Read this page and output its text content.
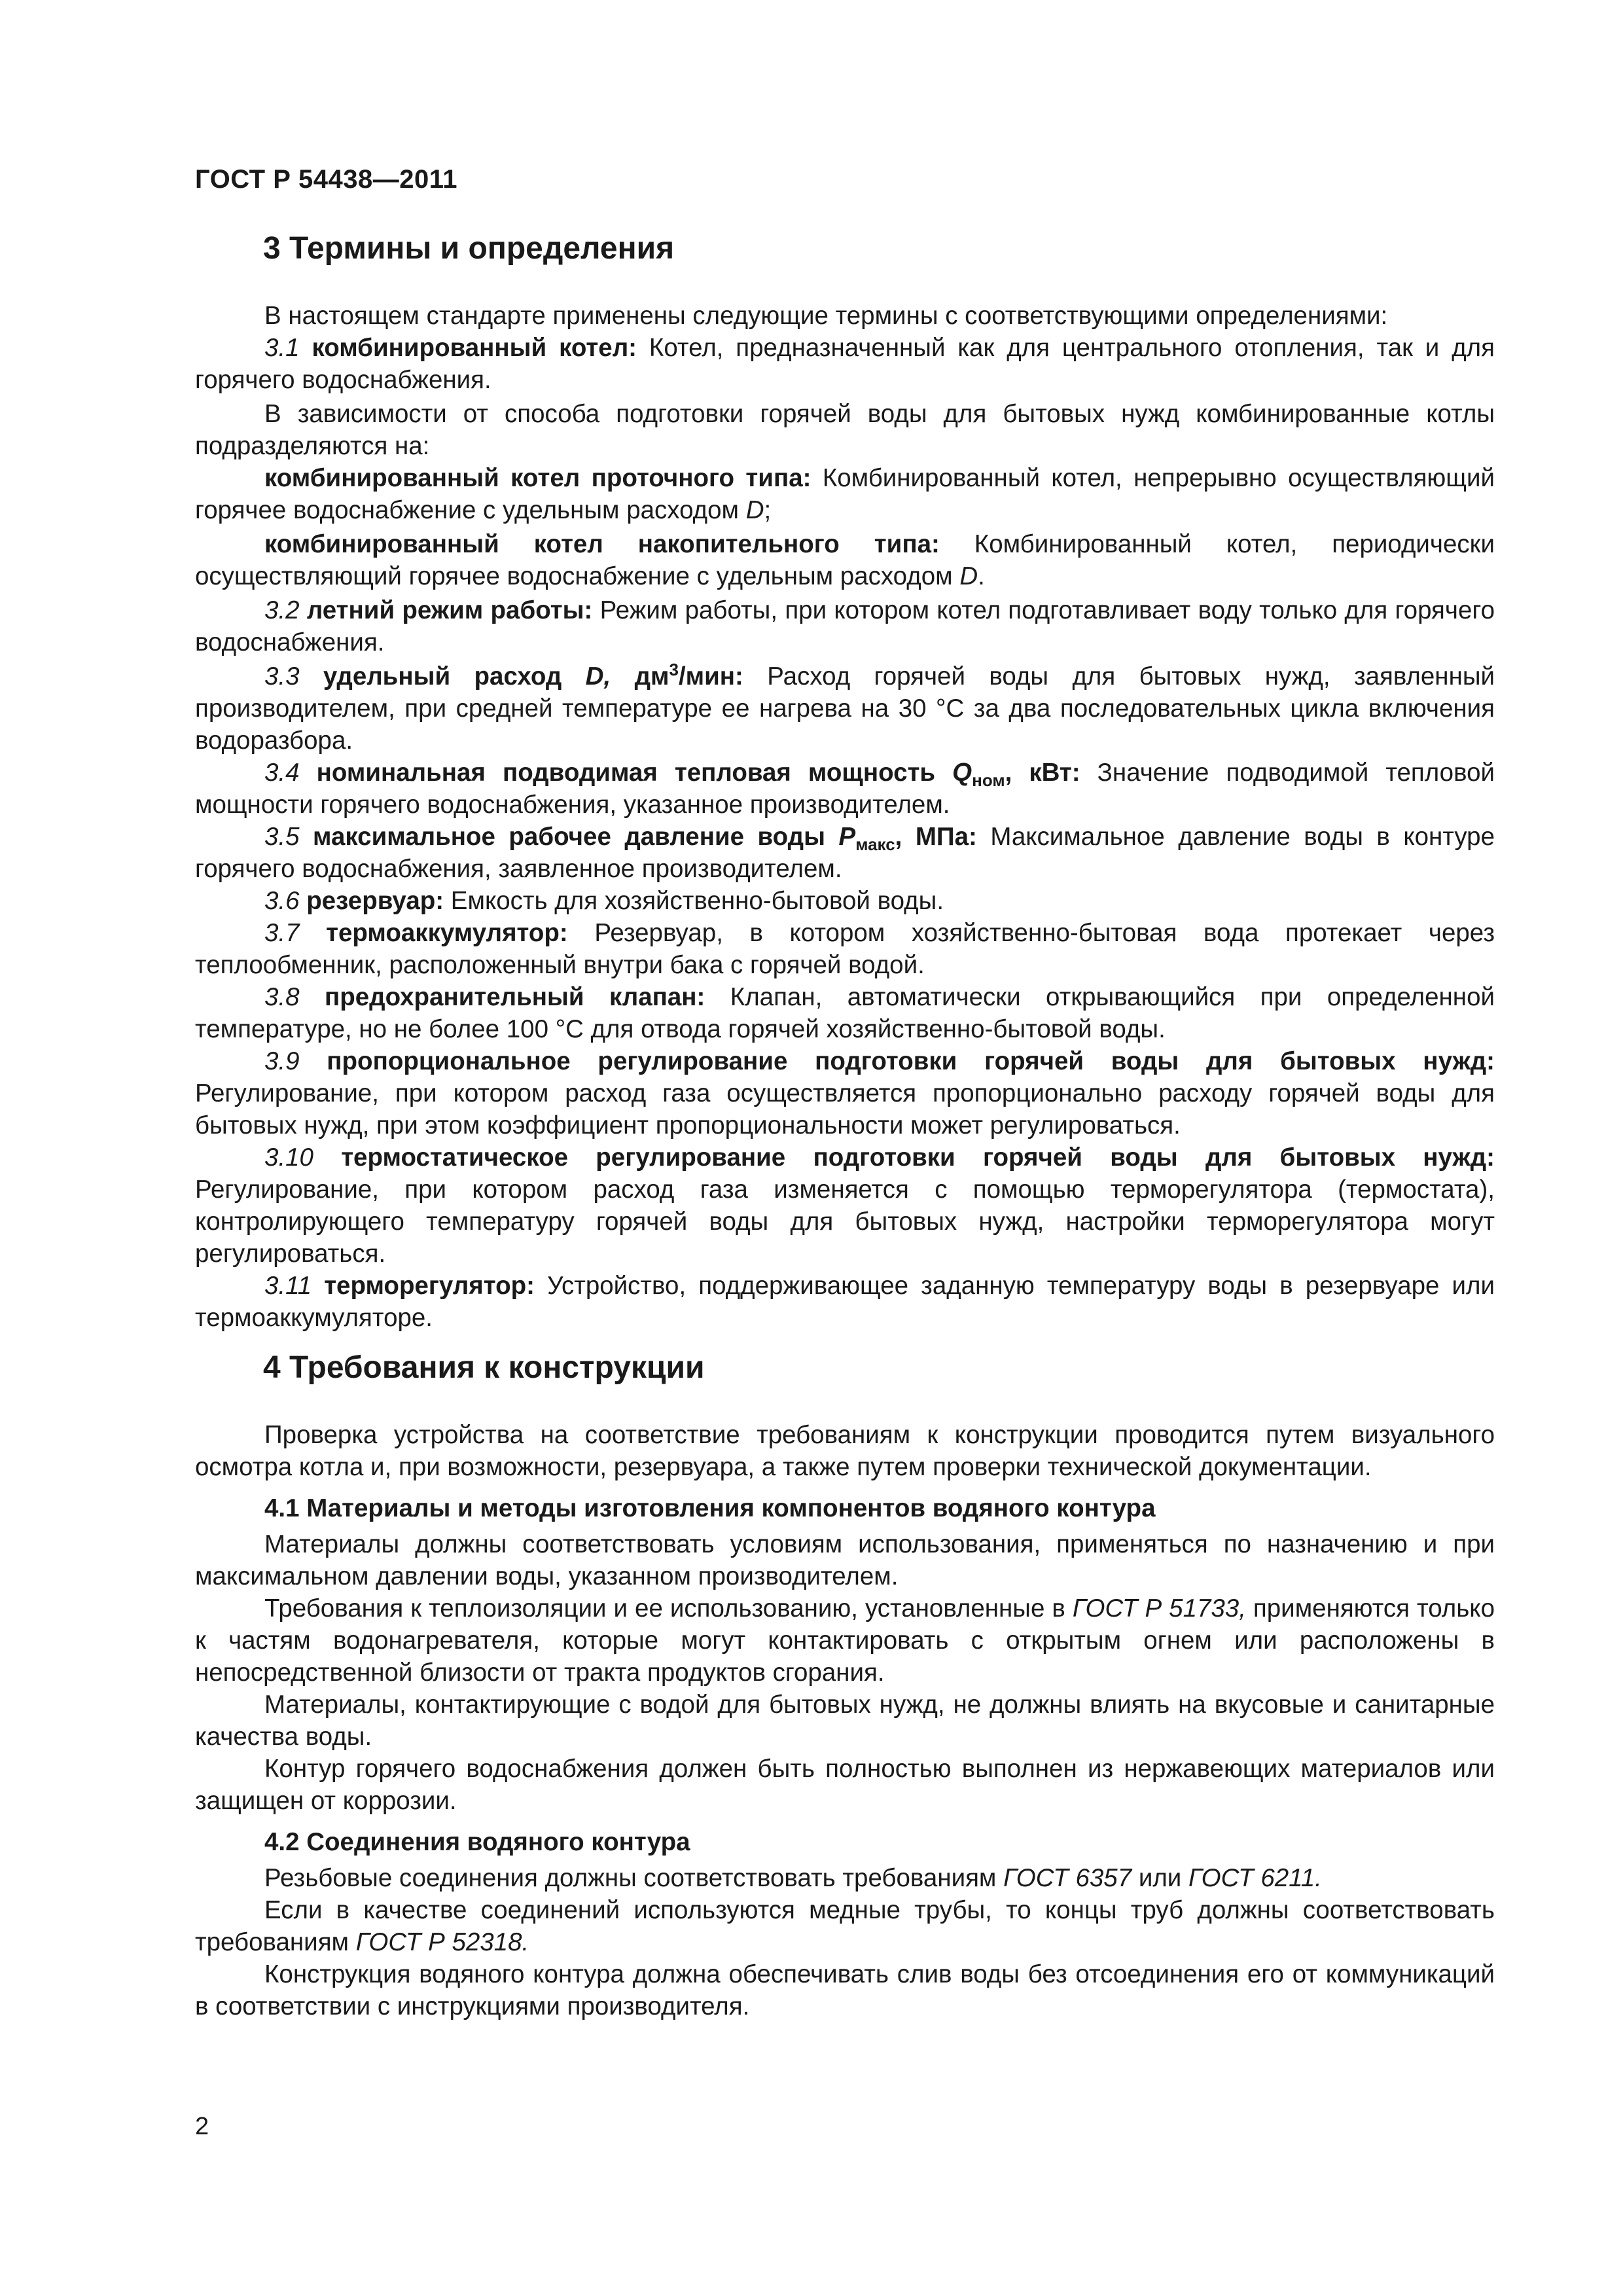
ГОСТ Р 54438—2011
3 Термины и определения

В настоящем стандарте применены следующие термины с соответствующими определениями:

3.1 комбинированный котел: Котел, предназначенный как для центрального отопления, так и для горячего водоснабжения.

В зависимости от способа подготовки горячей воды для бытовых нужд комбинированные котлы подразделяются на:

комбинированный котел проточного типа: Комбинированный котел, непрерывно осуществляющий горячее водоснабжение с удельным расходом D;

комбинированный котел накопительного типа: Комбинированный котел, периодически осуществляющий горячее водоснабжение с удельным расходом D.

3.2 летний режим работы: Режим работы, при котором котел подготавливает воду только для горячего водоснабжения.

3.3 удельный расход D, $дм^3$/мин: Расход горячей воды для бытовых нужд, заявленный производителем, при средней температуре ее нагрева на 30 °С за два последовательных цикла включения водоразбора.

3.4 номинальная подводимая тепловая мощность $Q_{ном}$, кВт: Значение подводимой тепловой мощности горячего водоснабжения, указанное производителем.

3.5 максимальное рабочее давление воды $P_{макс}$, МПа: Максимальное давление воды в контуре горячего водоснабжения, заявленное производителем.

3.6 резервуар: Емкость для хозяйственно-бытовой воды.

3.7 термоаккумулятор: Резервуар, в котором хозяйственно-бытовая вода протекает через теплообменник, расположенный внутри бака с горячей водой.

3.8 предохранительный клапан: Клапан, автоматически открывающийся при определенной температуре, но не более 100 °С для отвода горячей хозяйственно-бытовой воды.

3.9 пропорциональное регулирование подготовки горячей воды для бытовых нужд: Регулирование, при котором расход газа осуществляется пропорционально расходу горячей воды для бытовых нужд, при этом коэффициент пропорциональности может регулироваться.

3.10 термостатическое регулирование подготовки горячей воды для бытовых нужд: Регулирование, при котором расход газа изменяется с помощью терморегулятора (термостата), контролирующего температуру горячей воды для бытовых нужд, настройки терморегулятора могут регулироваться.

3.11 терморегулятор: Устройство, поддерживающее заданную температуру воды в резервуаре или термоаккумуляторе.

4 Требования к конструкции

Проверка устройства на соответствие требованиям к конструкции проводится путем визуального осмотра котла и, при возможности, резервуара, а также путем проверки технической документации.

4.1 Материалы и методы изготовления компонентов водяного контура

Материалы должны соответствовать условиям использования, применяться по назначению и при максимальном давлении воды, указанном производителем.

Требования к теплоизоляции и ее использованию, установленные в ГОСТ Р 51733, применяются только к частям водонагревателя, которые могут контактировать с открытым огнем или расположены в непосредственной близости от тракта продуктов сгорания.

Материалы, контактирующие с водой для бытовых нужд, не должны влиять на вкусовые и санитарные качества воды.

Контур горячего водоснабжения должен быть полностью выполнен из нержавеющих материалов или защищен от коррозии.

4.2 Соединения водяного контура

Резьбовые соединения должны соответствовать требованиям ГОСТ 6357 или ГОСТ 6211.

Если в качестве соединений используются медные трубы, то концы труб должны соответствовать требованиям ГОСТ Р 52318.

Конструкция водяного контура должна обеспечивать слив воды без отсоединения его от коммуникаций в соответствии с инструкциями производителя.

2
